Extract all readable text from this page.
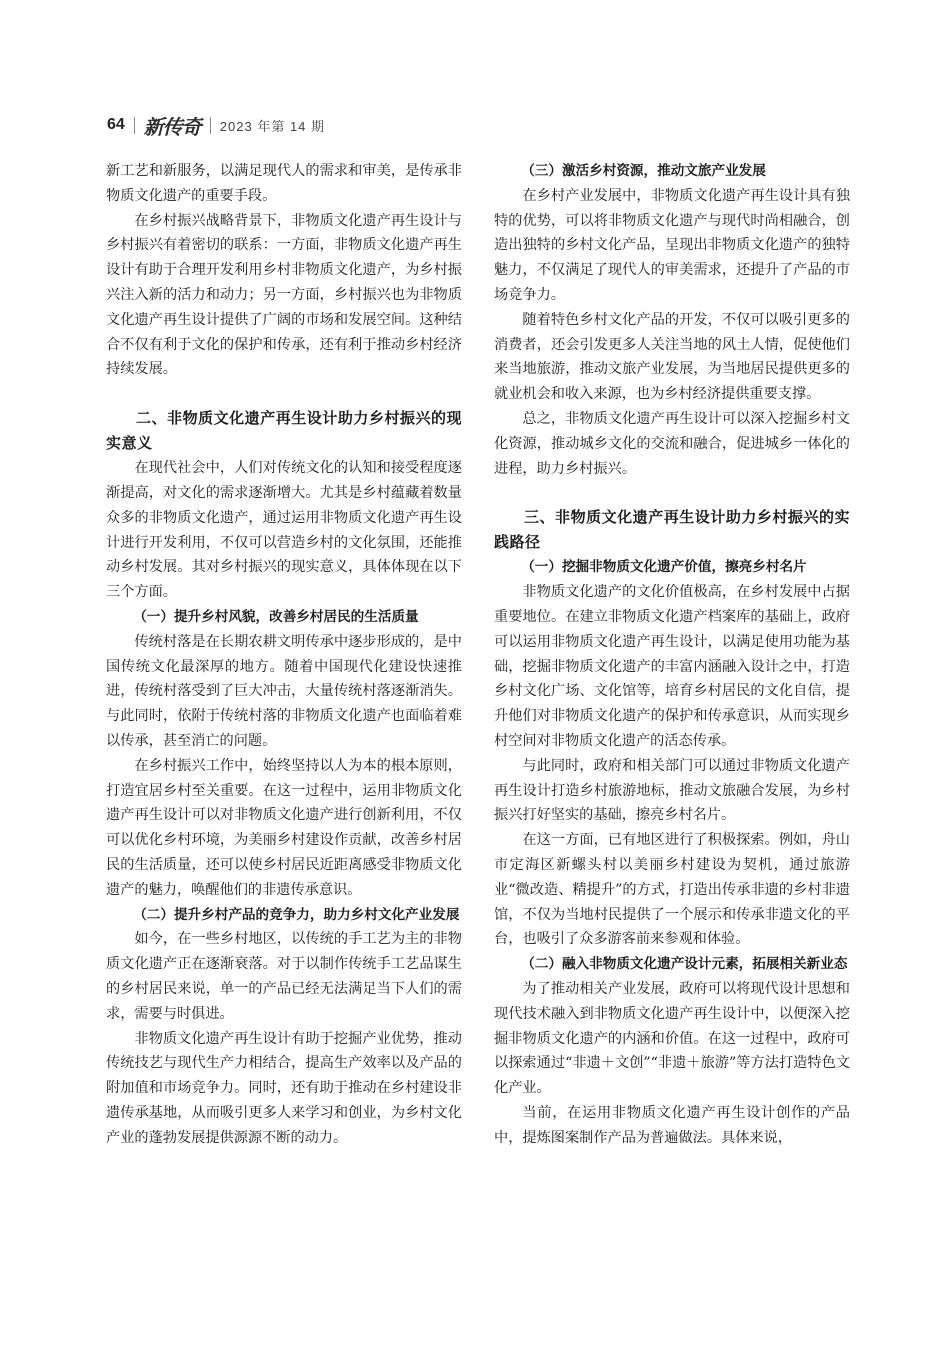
64 新传奇 2023 年第 14 期

新工艺和新服务，以满足现代人的需求和审美，是传承非物质文化遗产的重要手段。

在乡村振兴战略背景下，非物质文化遗产再生设计与乡村振兴有着密切的联系：一方面，非物质文化遗产再生设计有助于合理开发利用乡村非物质文化遗产，为乡村振兴注入新的活力和动力；另一方面，乡村振兴也为非物质文化遗产再生设计提供了广阔的市场和发展空间。这种结合不仅有利于文化的保护和传承，还有利于推动乡村经济持续发展。

二、非物质文化遗产再生设计助力乡村振兴的现实意义

在现代社会中，人们对传统文化的认知和接受程度逐渐提高，对文化的需求逐渐增大。尤其是乡村蕴藏着数量众多的非物质文化遗产，通过运用非物质文化遗产再生设计进行开发利用，不仅可以营造乡村的文化氛围，还能推动乡村发展。其对乡村振兴的现实意义，具体体现在以下三个方面。

（一）提升乡村风貌，改善乡村居民的生活质量

传统村落是在长期农耕文明传承中逐步形成的，是中国传统文化最深厚的地方。随着中国现代化建设快速推进，传统村落受到了巨大冲击，大量传统村落逐渐消失。与此同时，依附于传统村落的非物质文化遗产也面临着难以传承，甚至消亡的问题。

在乡村振兴工作中，始终坚持以人为本的根本原则，打造宜居乡村至关重要。在这一过程中，运用非物质文化遗产再生设计可以对非物质文化遗产进行创新利用，不仅可以优化乡村环境，为美丽乡村建设作贡献，改善乡村居民的生活质量，还可以使乡村居民近距离感受非物质文化遗产的魅力，唤醒他们的非遗传承意识。

（二）提升乡村产品的竞争力，助力乡村文化产业发展

如今，在一些乡村地区，以传统的手工艺为主的非物质文化遗产正在逐渐衰落。对于以制作传统手工艺品谋生的乡村居民来说，单一的产品已经无法满足当下人们的需求，需要与时俱进。

非物质文化遗产再生设计有助于挖掘产业优势，推动传统技艺与现代生产力相结合，提高生产效率以及产品的附加值和市场竞争力。同时，还有助于推动在乡村建设非遗传承基地，从而吸引更多人来学习和创业，为乡村文化产业的蓬勃发展提供源源不断的动力。

（三）激活乡村资源，推动文旅产业发展

在乡村产业发展中，非物质文化遗产再生设计具有独特的优势，可以将非物质文化遗产与现代时尚相融合，创造出独特的乡村文化产品，呈现出非物质文化遗产的独特魅力，不仅满足了现代人的审美需求，还提升了产品的市场竞争力。

随着特色乡村文化产品的开发，不仅可以吸引更多的消费者，还会引发更多人关注当地的风土人情，促使他们来当地旅游，推动文旅产业发展，为当地居民提供更多的就业机会和收入来源，也为乡村经济提供重要支撑。

总之，非物质文化遗产再生设计可以深入挖掘乡村文化资源，推动城乡文化的交流和融合，促进城乡一体化的进程，助力乡村振兴。

三、非物质文化遗产再生设计助力乡村振兴的实践路径
（一）挖掘非物质文化遗产价值，擦亮乡村名片

非物质文化遗产的文化价值极高，在乡村发展中占据重要地位。在建立非物质文化遗产档案库的基础上，政府可以运用非物质文化遗产再生设计，以满足使用功能为基础，挖掘非物质文化遗产的丰富内涵融入设计之中，打造乡村文化广场、文化馆等，培育乡村居民的文化自信，提升他们对非物质文化遗产的保护和传承意识，从而实现乡村空间对非物质文化遗产的活态传承。

与此同时，政府和相关部门可以通过非物质文化遗产再生设计打造乡村旅游地标，推动文旅融合发展，为乡村振兴打好坚实的基础，擦亮乡村名片。

在这一方面，已有地区进行了积极探索。例如，舟山市定海区新螺头村以美丽乡村建设为契机，通过旅游业“微改造、精提升”的方式，打造出传承非遗的乡村非遗馆，不仅为当地村民提供了一个展示和传承非遗文化的平台，也吸引了众多游客前来参观和体验。

（二）融入非物质文化遗产设计元素，拓展相关新业态

为了推动相关产业发展，政府可以将现代设计思想和现代技术融入到非物质文化遗产再生设计中，以便深入挖掘非物质文化遗产的内涵和价值。在这一过程中，政府可以探索通过“非遗＋文创”“非遗＋旅游”等方法打造特色文化产业。

当前，在运用非物质文化遗产再生设计创作的产品中，提炼图案制作产品为普遍做法。具体来说，
